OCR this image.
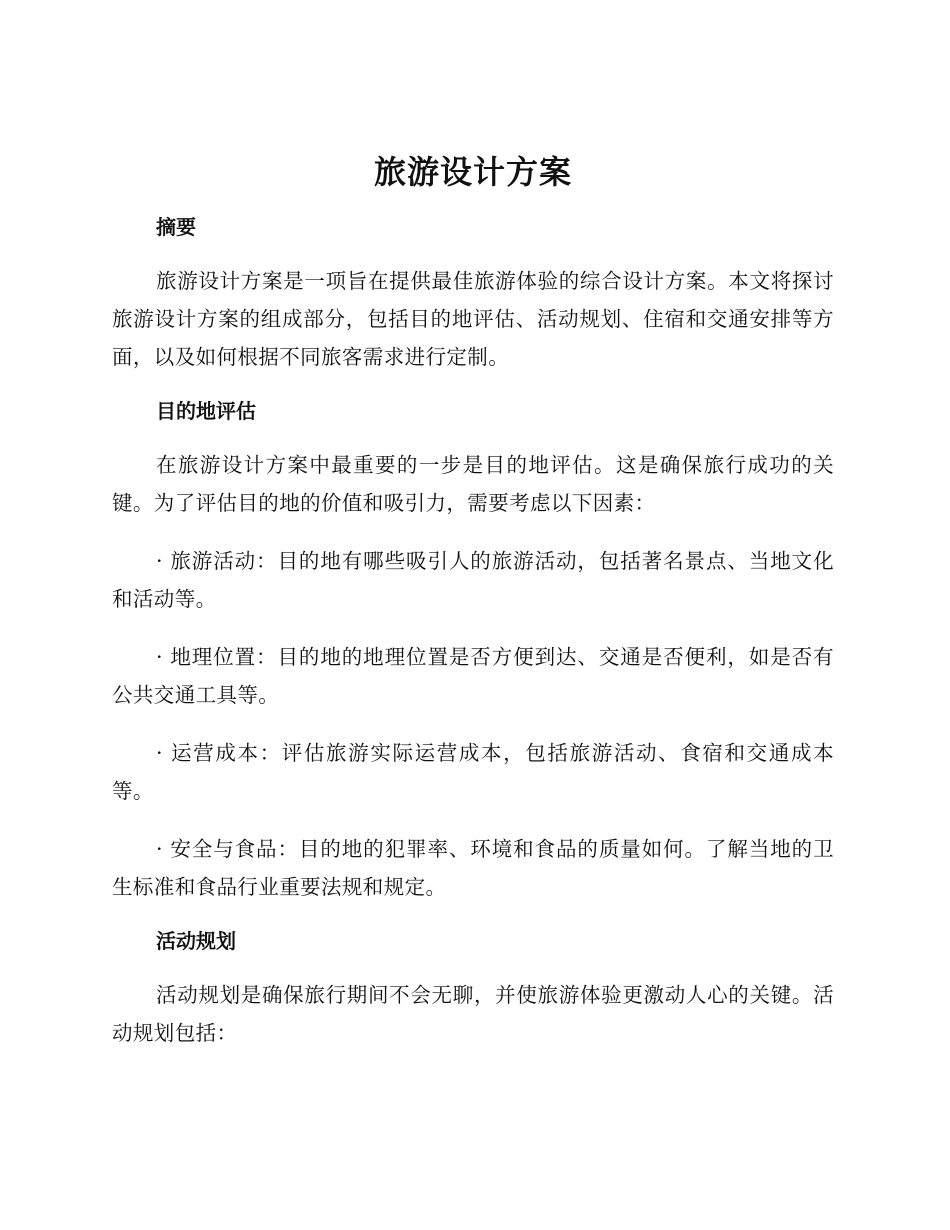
旅游设计方案
摘要

旅游设计方案是一项旨在提供最佳旅游体验的综合设计方案。本文将探讨旅游设计方案的组成部分，包括目的地评估、活动规划、住宿和交通安排等方面，以及如何根据不同旅客需求进行定制。

目的地评估

在旅游设计方案中最重要的一步是目的地评估。这是确保旅行成功的关键。为了评估目的地的价值和吸引力，需要考虑以下因素：

· 旅游活动：目的地有哪些吸引人的旅游活动，包括著名景点、当地文化和活动等。

· 地理位置：目的地的地理位置是否方便到达、交通是否便利，如是否有公共交通工具等。

· 运营成本：评估旅游实际运营成本，包括旅游活动、食宿和交通成本等。

· 安全与食品：目的地的犯罪率、环境和食品的质量如何。了解当地的卫生标准和食品行业重要法规和规定。

活动规划

活动规划是确保旅行期间不会无聊，并使旅游体验更激动人心的关键。活动规划包括：
